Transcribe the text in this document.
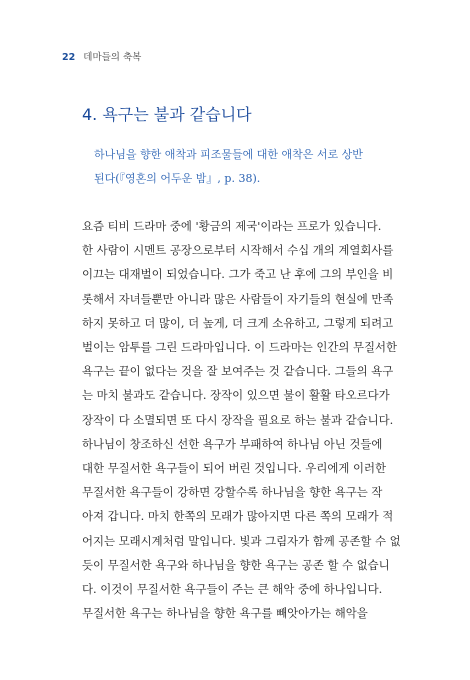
22 데마들의 축복
4. 욕구는 불과 같습니다

하나님을 향한 애착과 피조물들에 대한 애착은 서로 상반

된다(『영혼의 어두운 밤』, p. 38).

요즘 티비 드라마 중에 '황금의 제국'이라는 프로가 있습니다.

한 사람이 시멘트 공장으로부터 시작해서 수십 개의 계열회사를

이끄는 대재벌이 되었습니다. 그가 죽고 난 후에 그의 부인을 비

롯해서 자녀들뿐만 아니라 많은 사람들이 자기들의 현실에 만족

하지 못하고 더 많이, 더 높게, 더 크게 소유하고, 그렇게 되려고

벌이는 암투를 그린 드라마입니다. 이 드라마는 인간의 무질서한

욕구는 끝이 없다는 것을 잘 보여주는 것 같습니다. 그들의 욕구

는 마치 불과도 같습니다. 장작이 있으면 불이 활활 타오르다가

장작이 다 소멸되면 또 다시 장작을 필요로 하는 불과 같습니다.

하나님이 창조하신 선한 욕구가 부패하여 하나님 아닌 것들에

대한 무질서한 욕구들이 되어 버린 것입니다. 우리에게 이러한

무질서한 욕구들이 강하면 강할수록 하나님을 향한 욕구는 작

아져 갑니다. 마치 한쪽의 모래가 많아지면 다른 쪽의 모래가 적

어지는 모래시계처럼 말입니다. 빛과 그림자가 함께 공존할 수 없

듯이 무질서한 욕구와 하나님을 향한 욕구는 공존 할 수 없습니

다. 이것이 무질서한 욕구들이 주는 큰 해악 중에 하나입니다.

무질서한 욕구는 하나님을 향한 욕구를 빼앗아가는 해악을
